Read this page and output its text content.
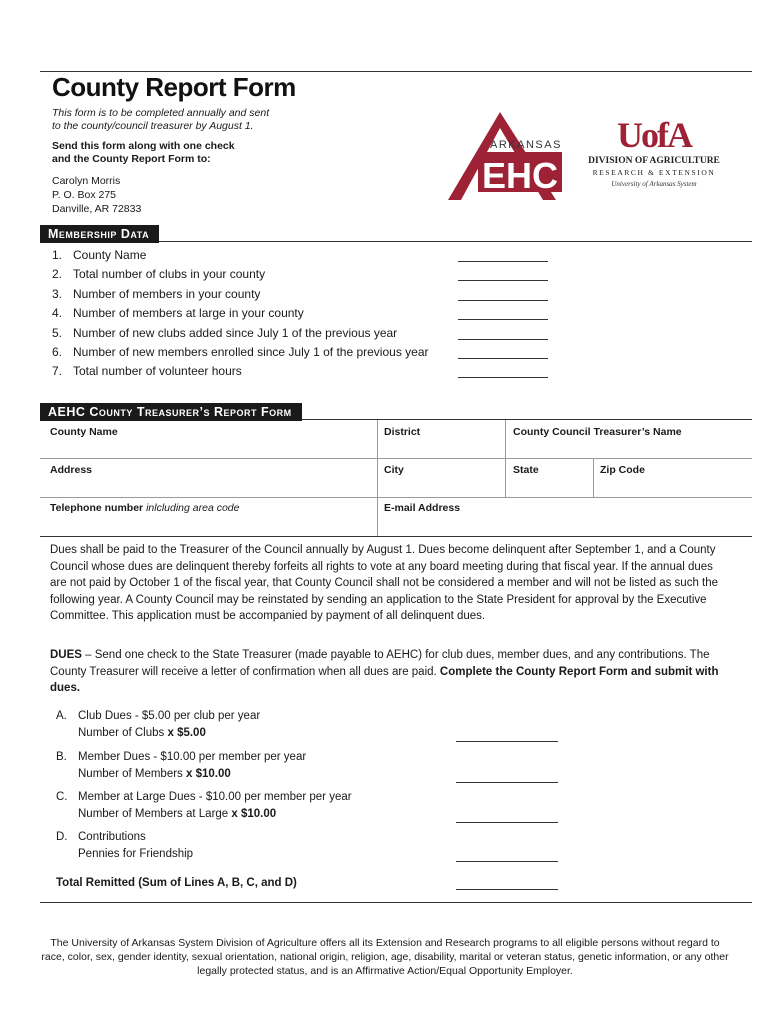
County Report Form
This form is to be completed annually and sent
to the county/council treasurer by August 1.
Send this form along with one check
and the County Report Form to:
Carolyn Morris
P. O. Box 275
Danville, AR 72833
ARKANSAS
EHC
UofA
DIVISION OF AGRICULTURE
RESEARCH & EXTENSION
University of Arkansas System
Membership Data
1. County Name
2. Total number of clubs in your county
3. Number of members in your county
4. Number of members at large in your county
5. Number of new clubs added since July 1 of the previous year
6. Number of new members enrolled since July 1 of the previous year
7. Total number of volunteer hours
AEHC County Treasurer’s Report Form
County Name	District	County Council Treasurer’s Name
Address	City	State	Zip Code
Telephone number inlcluding area code	E-mail Address
Dues shall be paid to the Treasurer of the Council annually by August 1. Dues become delinquent after September 1, and a County Council whose dues are delinquent thereby forfeits all rights to vote at any board meeting during that fiscal year. If the annual dues are not paid by October 1 of the fiscal year, that County Council shall not be considered a member and will not be listed as such the following year. A County Council may be reinstated by sending an application to the State President for approval by the Executive Committee. This application must be accompanied by payment of all delinquent dues.
DUES – Send one check to the State Treasurer (made payable to AEHC) for club dues, member dues, and any contributions. The County Treasurer will receive a letter of confirmation when all dues are paid. Complete the County Report Form and submit with dues.
A. Club Dues - $5.00 per club per year
Number of Clubs x $5.00
B. Member Dues - $10.00 per member per year
Number of Members x $10.00
C. Member at Large Dues - $10.00 per member per year
Number of Members at Large x $10.00
D. Contributions
Pennies for Friendship
Total Remitted (Sum of Lines A, B, C, and D)
The University of Arkansas System Division of Agriculture offers all its Extension and Research programs to all eligible persons without regard to race, color, sex, gender identity, sexual orientation, national origin, religion, age, disability, marital or veteran status, genetic information, or any other legally protected status, and is an Affirmative Action/Equal Opportunity Employer.
